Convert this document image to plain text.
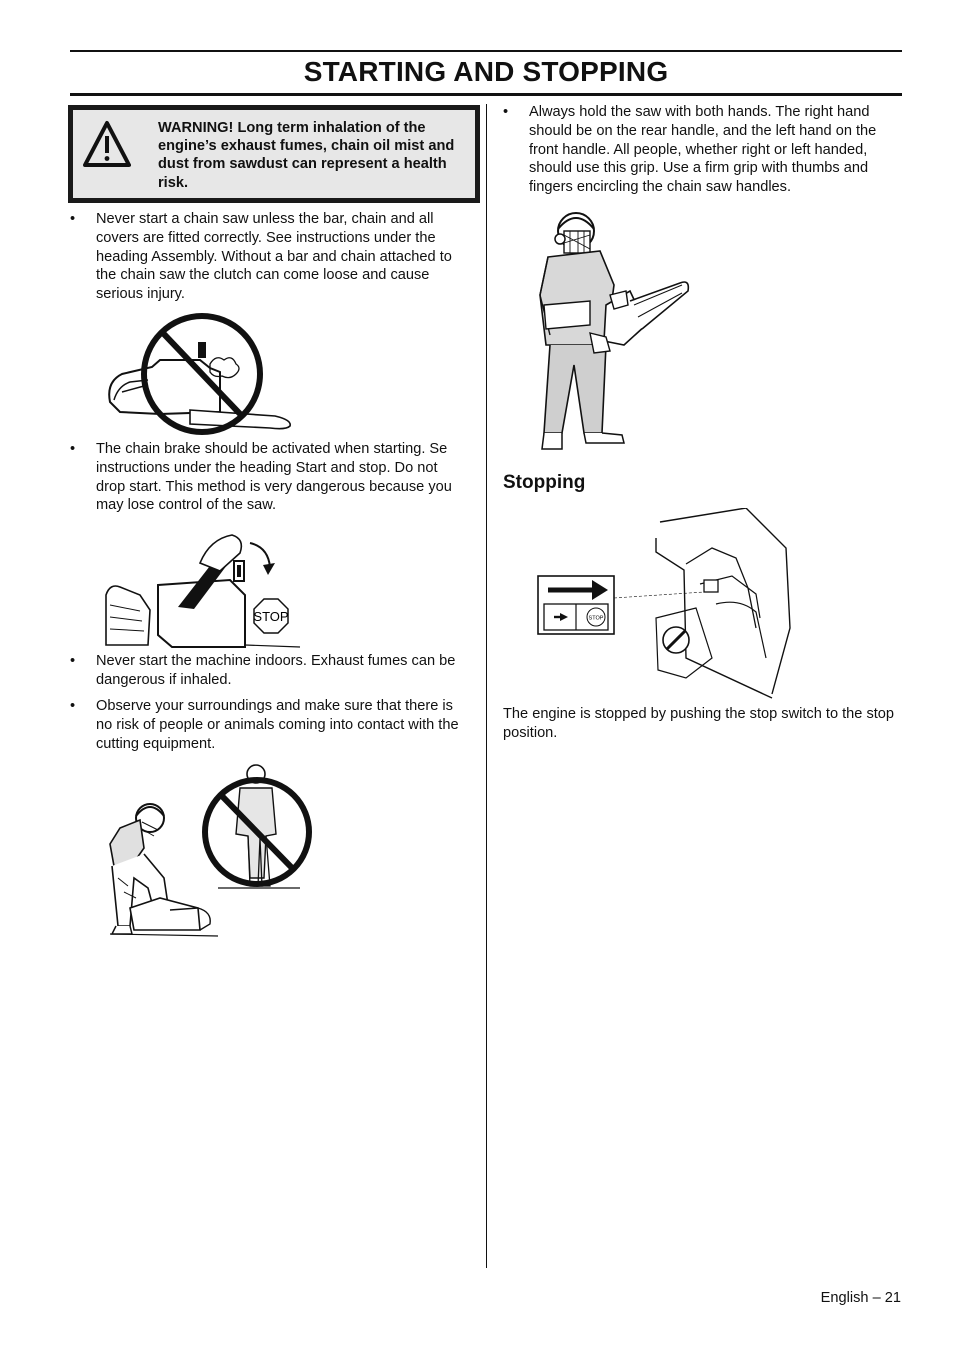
STARTING AND STOPPING
WARNING! Long term inhalation of the engine’s exhaust fumes, chain oil mist and dust from sawdust can represent a health risk.
• Never start a chain saw unless the bar, chain and all covers are fitted correctly. See instructions under the heading Assembly. Without a bar and chain attached to the chain saw the clutch can come loose and cause serious injury.
• The chain brake should be activated when starting. Se instructions under the heading Start and stop. Do not drop start. This method is very dangerous because you may lose control of the saw.
STOP
• Never start the machine indoors. Exhaust fumes can be dangerous if inhaled.
• Observe your surroundings and make sure that there is no risk of people or animals coming into contact with the cutting equipment.
• Always hold the saw with both hands. The right hand should be on the rear handle, and the left hand on the front handle. All people, whether right or left handed, should use this grip. Use a firm grip with thumbs and fingers encircling the chain saw handles.
Stopping
STOP
The engine is stopped by pushing the stop switch to the stop position.
English – 21
